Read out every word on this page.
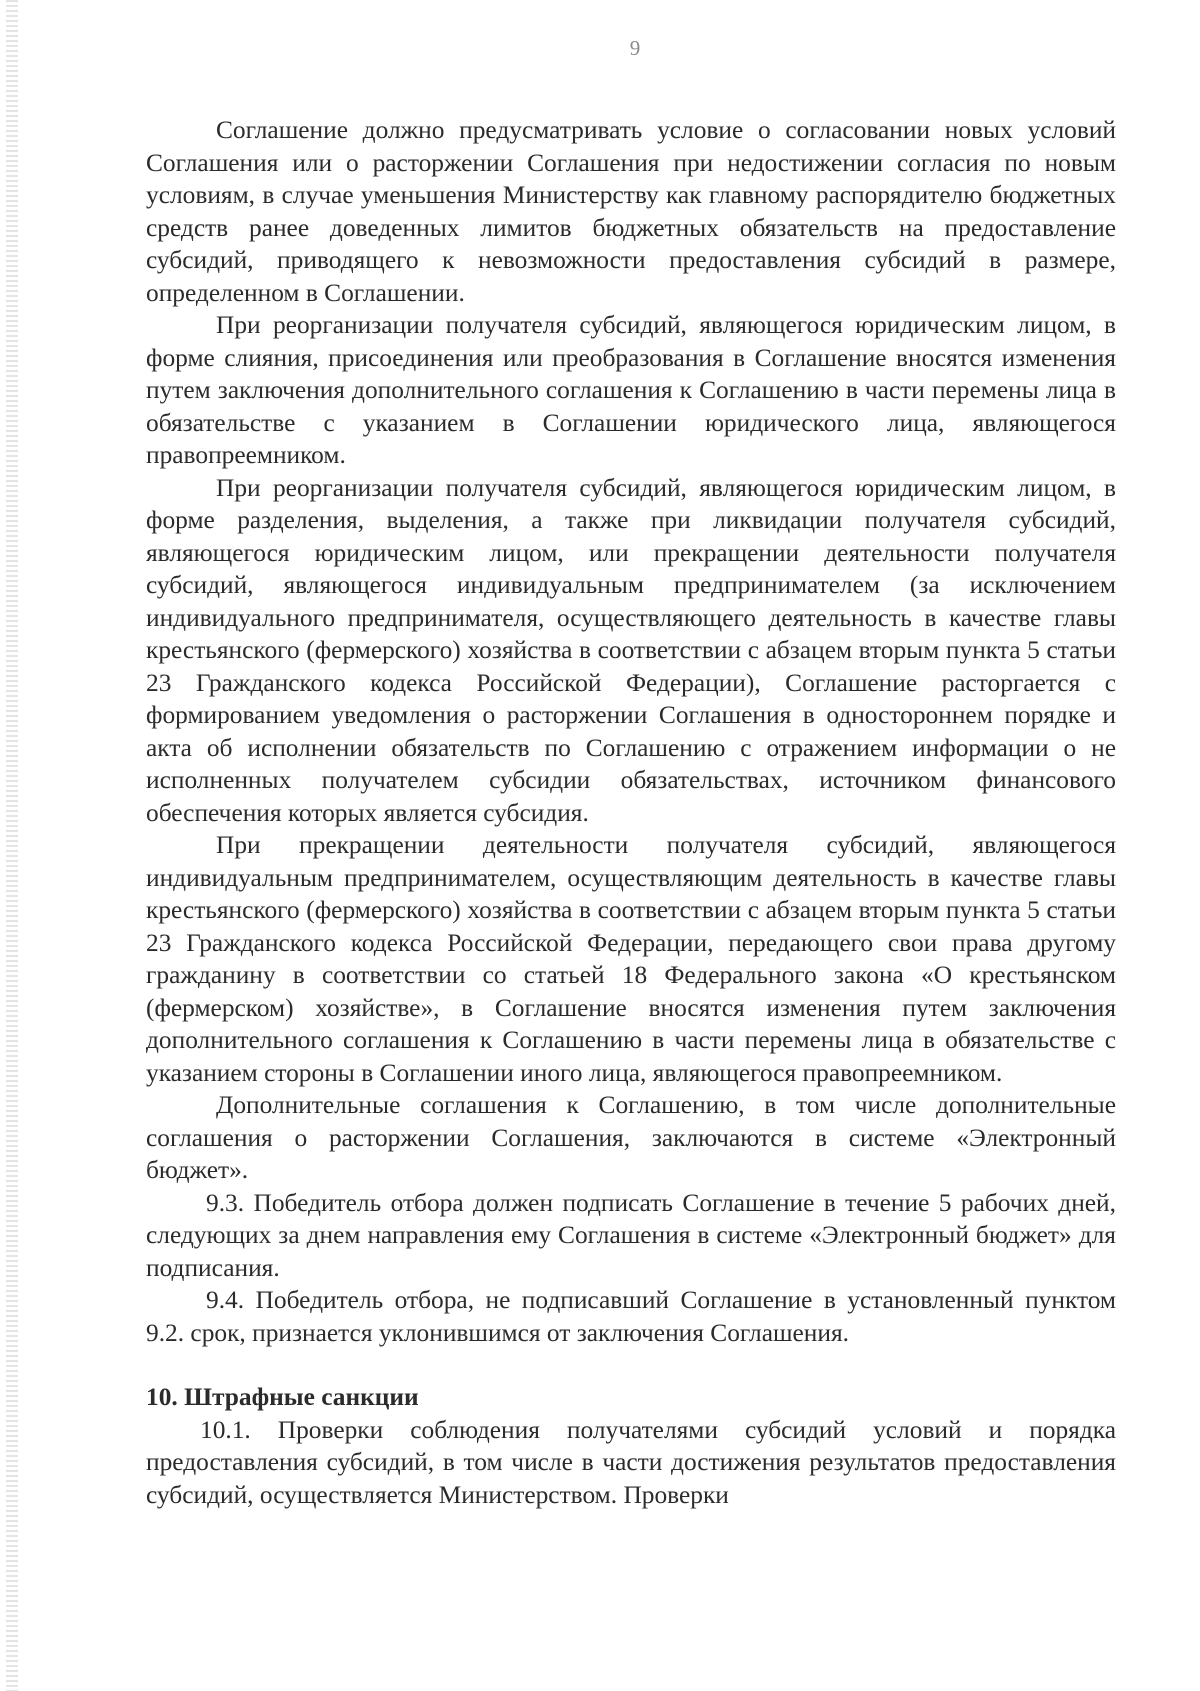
9

Соглашение должно предусматривать условие о согласовании новых условий Соглашения или о расторжении Соглашения при недостижении согласия по новым условиям, в случае уменьшения Министерству как главному распорядителю бюджетных средств ранее доведенных лимитов бюджетных обязательств на предоставление субсидий, приводящего к невозможности предоставления субсидий в размере, определенном в Соглашении.

При реорганизации получателя субсидий, являющегося юридическим лицом, в форме слияния, присоединения или преобразования в Соглашение вносятся изменения путем заключения дополнительного соглашения к Соглашению в части перемены лица в обязательстве с указанием в Соглашении юридического лица, являющегося правопреемником.

При реорганизации получателя субсидий, являющегося юридическим лицом, в форме разделения, выделения, а также при ликвидации получателя субсидий, являющегося юридическим лицом, или прекращении деятельности получателя субсидий, являющегося индивидуальным предпринимателем (за исключением индивидуального предпринимателя, осуществляющего деятельность в качестве главы крестьянского (фермерского) хозяйства в соответствии с абзацем вторым пункта 5 статьи 23 Гражданского кодекса Российской Федерации), Соглашение расторгается с формированием уведомления о расторжении Соглашения в одностороннем порядке и акта об исполнении обязательств по Соглашению с отражением информации о не исполненных получателем субсидии обязательствах, источником финансового обеспечения которых является субсидия.

При прекращении деятельности получателя субсидий, являющегося индивидуальным предпринимателем, осуществляющим деятельность в качестве главы крестьянского (фермерского) хозяйства в соответствии с абзацем вторым пункта 5 статьи 23 Гражданского кодекса Российской Федерации, передающего свои права другому гражданину в соответствии со статьей 18 Федерального закона «О крестьянском (фермерском) хозяйстве», в Соглашение вносятся изменения путем заключения дополнительного соглашения к Соглашению в части перемены лица в обязательстве с указанием стороны в Соглашении иного лица, являющегося правопреемником.

Дополнительные соглашения к Соглашению, в том числе дополнительные соглашения о расторжении Соглашения, заключаются в системе «Электронный бюджет».

9.3. Победитель отбора должен подписать Соглашение в течение 5 рабочих дней, следующих за днем направления ему Соглашения в системе «Электронный бюджет» для подписания.

9.4. Победитель отбора, не подписавший Соглашение в установленный пунктом 9.2. срок, признается уклонившимся от заключения Соглашения.

10. Штрафные санкции

10.1. Проверки соблюдения получателями субсидий условий и порядка предоставления субсидий, в том числе в части достижения результатов предоставления субсидий, осуществляется Министерством. Проверки
